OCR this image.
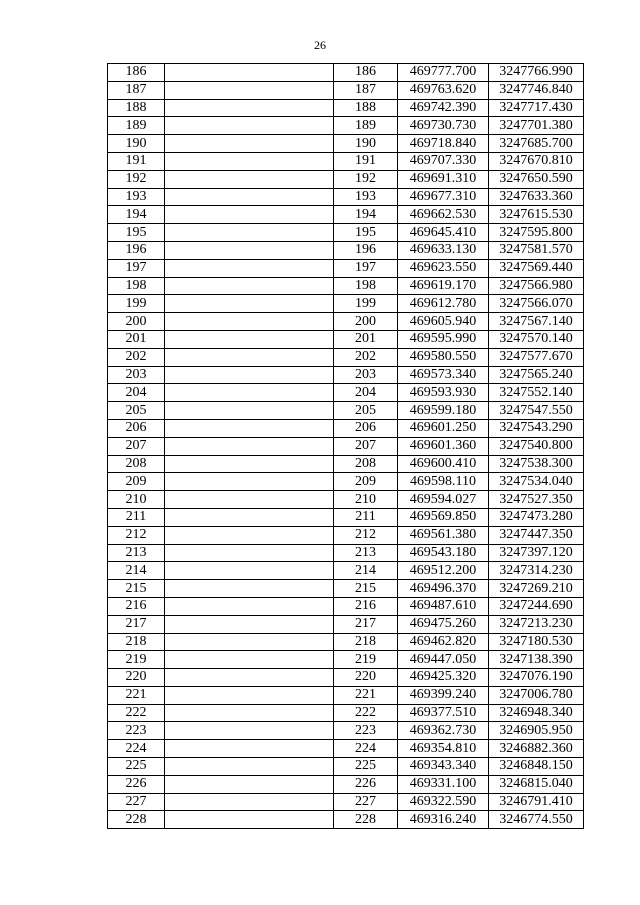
26
186		186	469777.700	3247766.990
187		187	469763.620	3247746.840
188		188	469742.390	3247717.430
189		189	469730.730	3247701.380
190		190	469718.840	3247685.700
191		191	469707.330	3247670.810
192		192	469691.310	3247650.590
193		193	469677.310	3247633.360
194		194	469662.530	3247615.530
195		195	469645.410	3247595.800
196		196	469633.130	3247581.570
197		197	469623.550	3247569.440
198		198	469619.170	3247566.980
199		199	469612.780	3247566.070
200		200	469605.940	3247567.140
201		201	469595.990	3247570.140
202		202	469580.550	3247577.670
203		203	469573.340	3247565.240
204		204	469593.930	3247552.140
205		205	469599.180	3247547.550
206		206	469601.250	3247543.290
207		207	469601.360	3247540.800
208		208	469600.410	3247538.300
209		209	469598.110	3247534.040
210		210	469594.027	3247527.350
211		211	469569.850	3247473.280
212		212	469561.380	3247447.350
213		213	469543.180	3247397.120
214		214	469512.200	3247314.230
215		215	469496.370	3247269.210
216		216	469487.610	3247244.690
217		217	469475.260	3247213.230
218		218	469462.820	3247180.530
219		219	469447.050	3247138.390
220		220	469425.320	3247076.190
221		221	469399.240	3247006.780
222		222	469377.510	3246948.340
223		223	469362.730	3246905.950
224		224	469354.810	3246882.360
225		225	469343.340	3246848.150
226		226	469331.100	3246815.040
227		227	469322.590	3246791.410
228		228	469316.240	3246774.550
